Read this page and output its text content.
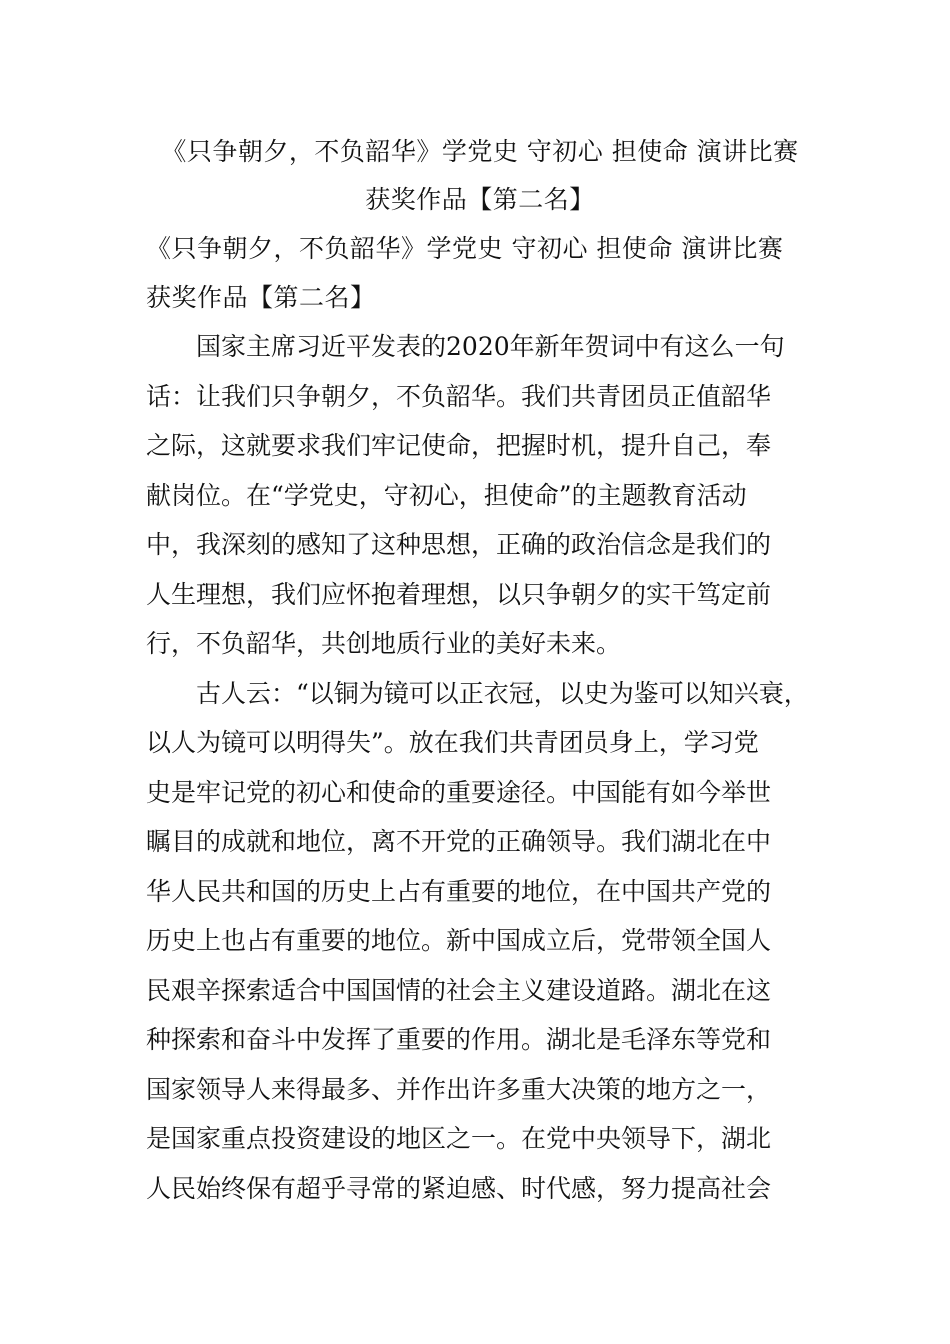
《只争朝夕，不负韶华》学党史 守初心 担使命 演讲比赛
获奖作品【第二名】
《只争朝夕，不负韶华》学党史 守初心 担使命 演讲比赛
获奖作品【第二名】

　　国家主席习近平发表的2020年新年贺词中有这么一句
话：让我们只争朝夕，不负韶华。我们共青团员正值韶华
之际，这就要求我们牢记使命，把握时机，提升自己，奉
献岗位。在“学党史，守初心，担使命”的主题教育活动
中，我深刻的感知了这种思想，正确的政治信念是我们的
人生理想，我们应怀抱着理想，以只争朝夕的实干笃定前
行，不负韶华，共创地质行业的美好未来。

　　古人云：“以铜为镜可以正衣冠，以史为鉴可以知兴衰，
以人为镜可以明得失”。放在我们共青团员身上，学习党
史是牢记党的初心和使命的重要途径。中国能有如今举世
瞩目的成就和地位，离不开党的正确领导。我们湖北在中
华人民共和国的历史上占有重要的地位，在中国共产党的
历史上也占有重要的地位。新中国成立后，党带领全国人
民艰辛探索适合中国国情的社会主义建设道路。湖北在这
种探索和奋斗中发挥了重要的作用。湖北是毛泽东等党和
国家领导人来得最多、并作出许多重大决策的地方之一，
是国家重点投资建设的地区之一。在党中央领导下，湖北
人民始终保有超乎寻常的紧迫感、时代感，努力提高社会
